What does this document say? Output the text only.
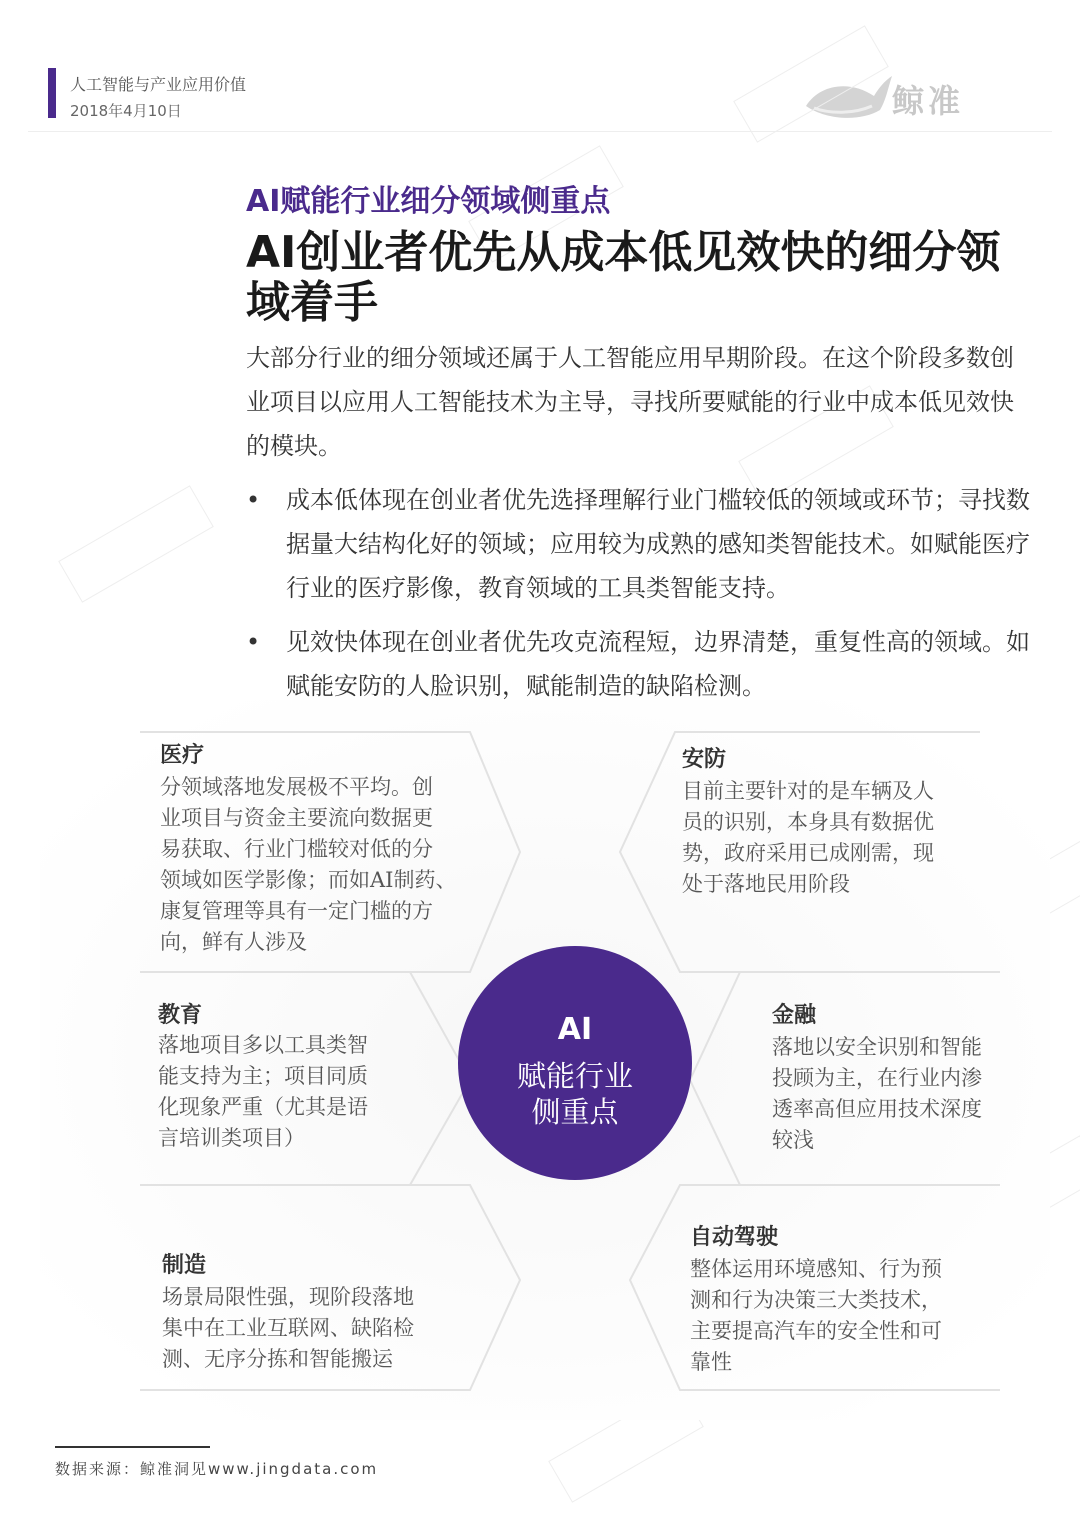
人工智能与产业应用价值
2018年4月10日	鲸准
AI赋能行业细分领域侧重点
AI创业者优先从成本低见效快的细分领域着手
大部分行业的细分领域还属于人工智能应用早期阶段。在这个阶段多数创业项目以应用人工智能技术为主导，寻找所要赋能的行业中成本低见效快的模块。
• 成本低体现在创业者优先选择理解行业门槛较低的领域或环节；寻找数据量大结构化好的领域；应用较为成熟的感知类智能技术。如赋能医疗行业的医疗影像，教育领域的工具类智能支持。
• 见效快体现在创业者优先攻克流程短，边界清楚，重复性高的领域。如赋能安防的人脸识别，赋能制造的缺陷检测。
AI
赋能行业
侧重点
医疗
分领域落地发展极不平均。创
业项目与资金主要流向数据更
易获取、行业门槛较对低的分
领域如医学影像；而如AI制药、
康复管理等具有一定门槛的方
向，鲜有人涉及
安防
目前主要针对的是车辆及人
员的识别，本身具有数据优
势，政府采用已成刚需，现
处于落地民用阶段
教育
落地项目多以工具类智
能支持为主；项目同质
化现象严重（尤其是语
言培训类项目）
金融
落地以安全识别和智能
投顾为主，在行业内渗
透率高但应用技术深度
较浅
制造
场景局限性强，现阶段落地
集中在工业互联网、缺陷检
测、无序分拣和智能搬运
自动驾驶
整体运用环境感知、行为预
测和行为决策三大类技术，
主要提高汽车的安全性和可
靠性
数据来源：鲸准洞见www.jingdata.com
